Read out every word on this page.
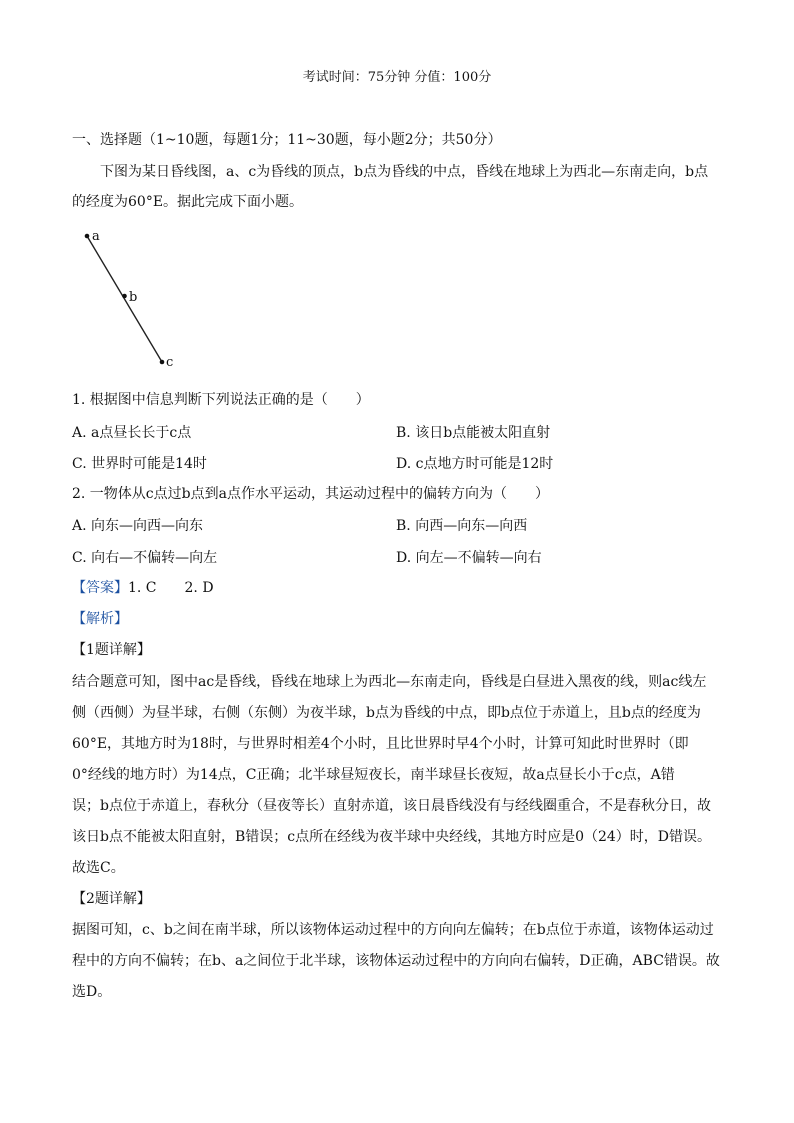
考试时间：75分钟 分值：100分
一、选择题（1~10题，每题1分；11~30题，每小题2分；共50分）
下图为某日昏线图，a、c为昏线的顶点，b点为昏线的中点，昏线在地球上为西北—东南走向，b点
的经度为60°E。据此完成下面小题。
a
b
c
1. 根据图中信息判断下列说法正确的是（　　）
A. a点昼长长于c点	B. 该日b点能被太阳直射
C. 世界时可能是14时	D. c点地方时可能是12时
2. 一物体从c点过b点到a点作水平运动，其运动过程中的偏转方向为（　　）
A. 向东—向西—向东	B. 向西—向东—向西
C. 向右—不偏转—向左	D. 向左—不偏转—向右
【答案】1. C　　2. D
【解析】
【1题详解】
结合题意可知，图中ac是昏线，昏线在地球上为西北—东南走向，昏线是白昼进入黑夜的线，则ac线左
侧（西侧）为昼半球，右侧（东侧）为夜半球，b点为昏线的中点，即b点位于赤道上，且b点的经度为
60°E，其地方时为18时，与世界时相差4个小时，且比世界时早4个小时，计算可知此时世界时（即
0°经线的地方时）为14点，C正确；北半球昼短夜长，南半球昼长夜短，故a点昼长小于c点，A错
误；b点位于赤道上，春秋分（昼夜等长）直射赤道，该日晨昏线没有与经线圈重合，不是春秋分日，故
该日b点不能被太阳直射，B错误；c点所在经线为夜半球中央经线，其地方时应是0（24）时，D错误。
故选C。
【2题详解】
据图可知，c、b之间在南半球，所以该物体运动过程中的方向向左偏转；在b点位于赤道，该物体运动过
程中的方向不偏转；在b、a之间位于北半球，该物体运动过程中的方向向右偏转，D正确，ABC错误。故
选D。
